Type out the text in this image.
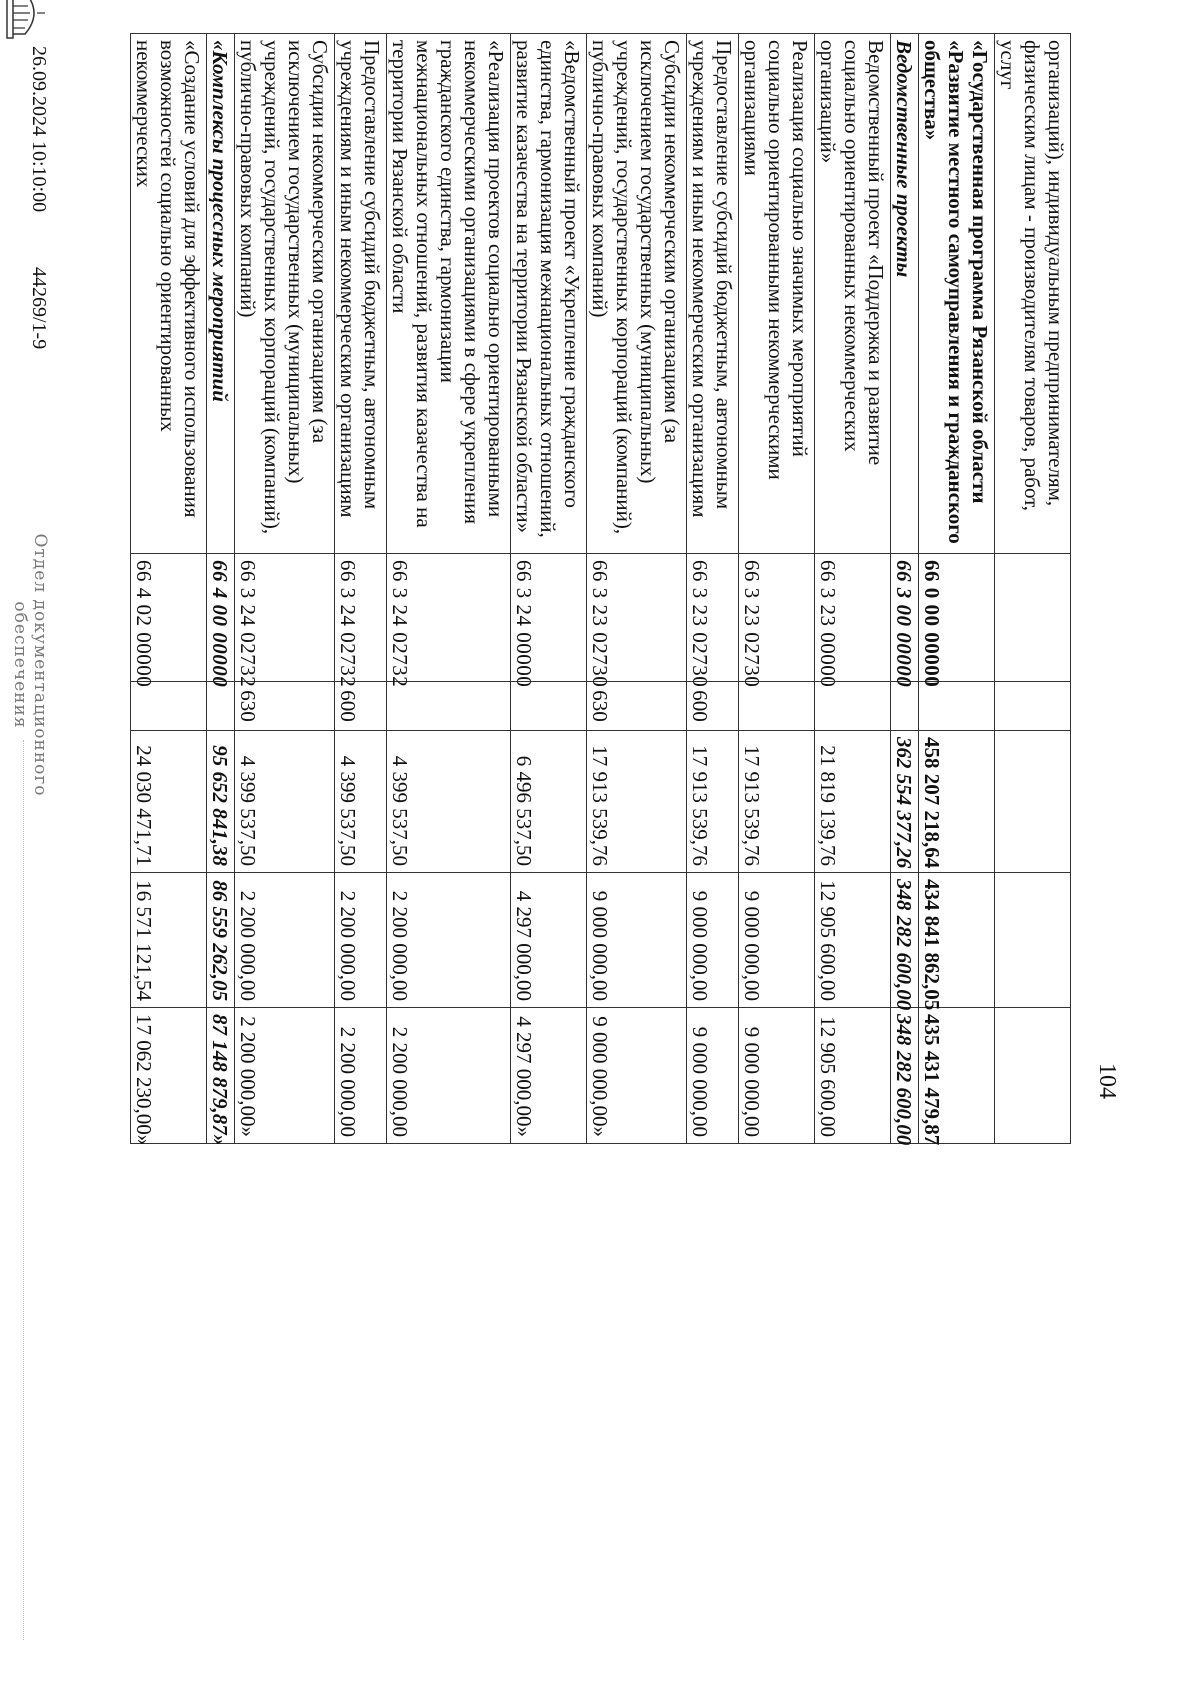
104
организаций), индивидуальным предпринимателям, физическим лицам - производителям товаров, работ, услуг					
«Государственная программа Рязанской области «Развитие местного самоуправления и гражданского общества»	66 0 00 00000		458 207 218,64	434 841 862,05	435 431 479,87
Ведомственные проекты	66 3 00 00000		362 554 377,26	348 282 600,00	348 282 600,00
Ведомственный проект «Поддержка и развитие социально ориентированных некоммерческих организаций»	66 3 23 00000		21 819 139,76	12 905 600,00	12 905 600,00
Реализация социально значимых мероприятий социально ориентированными некоммерческими организациями	66 3 23 02730		17 913 539,76	9 000 000,00	9 000 000,00
Предоставление субсидий бюджетным, автономным учреждениям и иным некоммерческим организациям	66 3 23 02730	600	17 913 539,76	9 000 000,00	9 000 000,00
Субсидии некоммерческим организациям (за исключением государственных (муниципальных) учреждений, государственных корпораций (компаний), публично-правовых компаний)	66 3 23 02730	630	17 913 539,76	9 000 000,00	9 000 000,00»
«Ведомственный проект «Укрепление гражданского единства, гармонизация межнациональных отношений, развитие казачества на территории Рязанской области»	66 3 24 00000		6 496 537,50	4 297 000,00	4 297 000,00»
«Реализация проектов социально ориентированными некоммерческими организациями в сфере укрепления гражданского единства, гармонизации межнациональных отношений, развития казачества на территории Рязанской области	66 3 24 02732		4 399 537,50	2 200 000,00	2 200 000,00
Предоставление субсидий бюджетным, автономным учреждениям и иным некоммерческим организациям	66 3 24 02732	600	4 399 537,50	2 200 000,00	2 200 000,00
Субсидии некоммерческим организациям (за исключением государственных (муниципальных) учреждений, государственных корпораций (компаний), публично-правовых компаний)	66 3 24 02732	630	4 399 537,50	2 200 000,00	2 200 000,00»
«Комплексы процессных мероприятий	66 4 00 00000		95 652 841,38	86 559 262,05	87 148 879,87»
«Создание условий для эффективного использования возможностей социально ориентированных некоммерческих	66 4 02 00000		24 030 471,71	16 571 121,54	17 062 230,00»
26.09.2024 10:10:00
44269/1-9
Отдел документационного
обеспечения
